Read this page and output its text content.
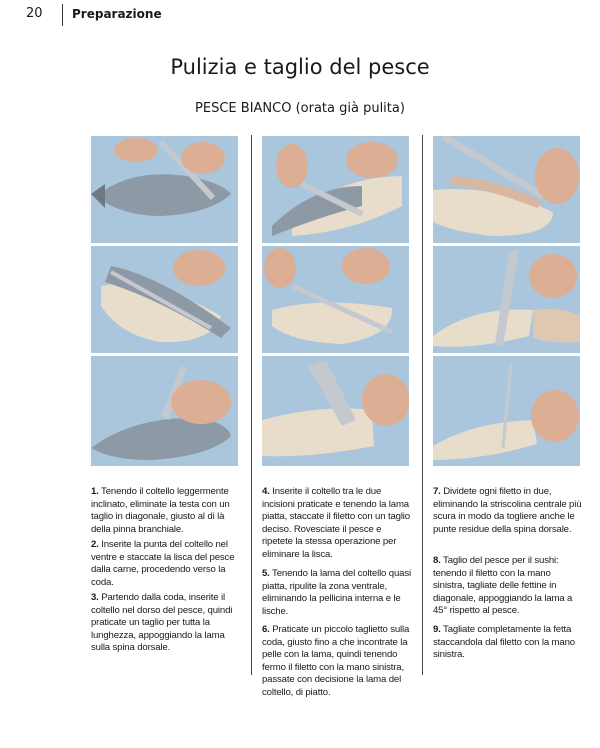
20 Preparazione
Pulizia e taglio del pesce
PESCE BIANCO (orata già pulita)
1. Tenendo il coltello leggermente inclinato, eliminate la testa con un taglio in diagonale, giusto al di là della pinna branchiale.
2. Inserite la punta del coltello nel ventre e staccate la lisca del pesce dalla carne, procedendo verso la coda.
3. Partendo dalla coda, inserite il coltello nel dorso del pesce, quindi praticate un taglio per tutta la lunghezza, appoggiando la lama sulla spina dorsale.
4. Inserite il coltello tra le due incisioni praticate e tenendo la lama piatta, staccate il filetto con un taglio deciso. Rovesciate il pesce e ripetete la stessa operazione per eliminare la lisca.
5. Tenendo la lama del coltello quasi piatta, ripulite la zona ventrale, eliminando la pellicina interna e le lische.
6. Praticate un piccolo taglietto sulla coda, giusto fino a che incontrate la pelle con la lama, quindi tenendo fermo il filetto con la mano sinistra, passate con decisione la lama del coltello, di piatto.
7. Dividete ogni filetto in due, eliminando la striscolina centrale più scura in modo da togliere anche le punte residue della spina dorsale.
8. Taglio del pesce per il sushi: tenendo il filetto con la mano sinistra, tagliate delle fettine in diagonale, appoggiando la lama a 45° rispetto al pesce.
9. Tagliate completamente la fetta staccandola dal filetto con la mano sinistra.
